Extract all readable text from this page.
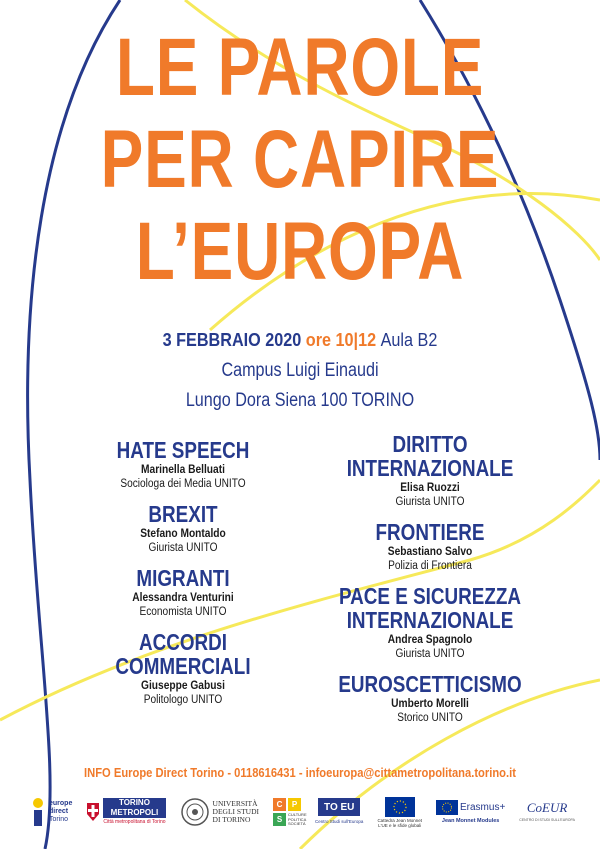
LE PAROLE
PER CAPIRE
L’EUROPA
3 FEBBRAIO 2020 ore 10|12 Aula B2
Campus Luigi Einaudi
Lungo Dora Siena 100 TORINO
HATE SPEECH
Marinella Belluati
Sociologa dei Media UNITO
BREXIT
Stefano Montaldo
Giurista UNITO
MIGRANTI
Alessandra Venturini
Economista UNITO
ACCORDI
COMMERCIALI
Giuseppe Gabusi
Politologo UNITO
DIRITTO
INTERNAZIONALE
Elisa Ruozzi
Giurista UNITO
FRONTIERE
Sebastiano Salvo
Polizia di Frontiera
PACE E SICUREZZA
INTERNAZIONALE
Andrea Spagnolo
Giurista UNITO
EUROSCETTICISMO
Umberto Morelli
Storico UNITO
INFO Europe Direct Torino - 0118616431 - infoeuropa@cittametropolitana.torino.it
europe
direct
Torino
TORINO
METROPOLI
Città metropolitana di Torino
UNIVERSITÀ
DEGLI STUDI
DI TORINO
C	P
S
CULTURE
POLITICA
SOCIETÀ
TO EU
Centro Studi sull'Europa	Cattedra Jean Monnet
L'UE e le sfide globali
Erasmus+
Jean Monnet Modules
CoEUR
CENTRO DI STUDI SULL'EUROPA
